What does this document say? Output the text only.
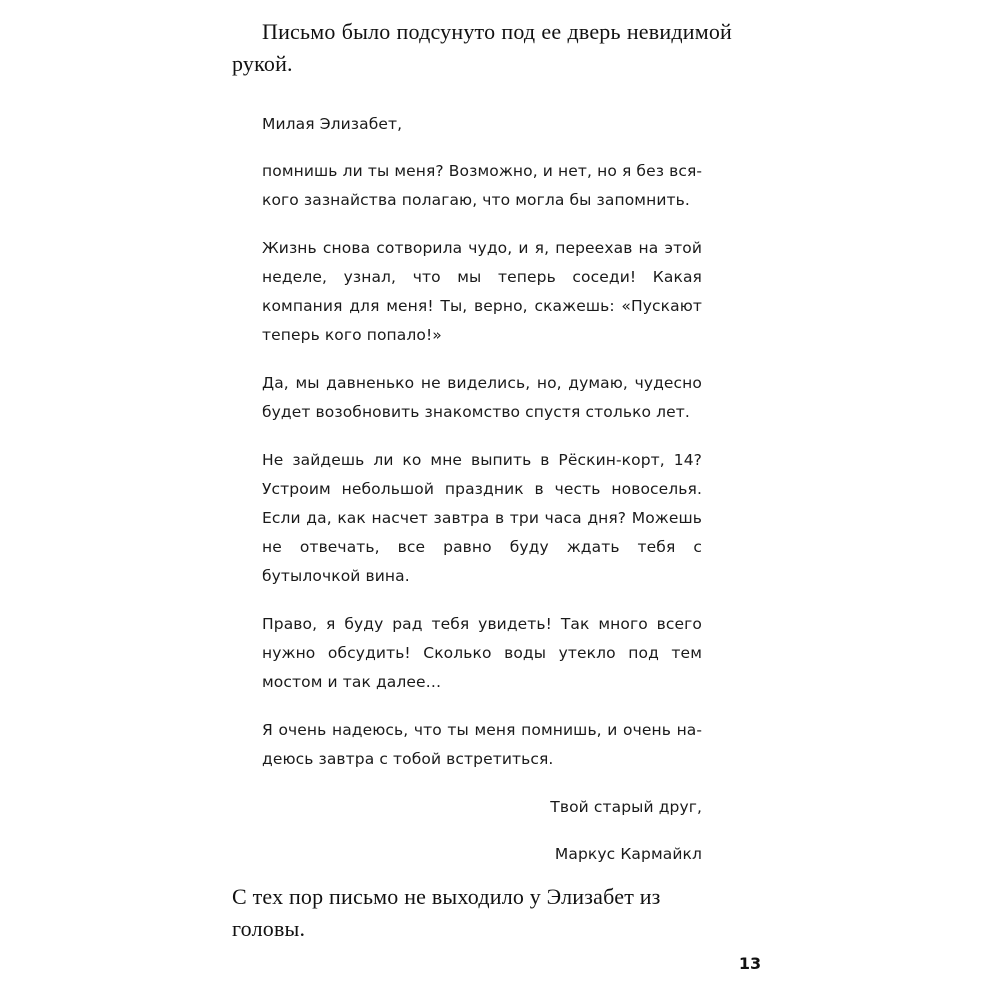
Письмо было подсунуто под ее дверь невидимой рукой.

Милая Элизабет,

помнишь ли ты меня? Возможно, и нет, но я без всякого зазнайства полагаю, что могла бы запомнить.

Жизнь снова сотворила чудо, и я, переехав на этой неделе, узнал, что мы теперь соседи! Какая компания для меня! Ты, верно, скажешь: «Пускают теперь кого попало!»

Да, мы давненько не виделись, но, думаю, чудесно будет возобновить знакомство спустя столько лет.

Не зайдешь ли ко мне выпить в Рёскин-корт, 14? Устроим небольшой праздник в честь новоселья. Если да, как насчет завтра в три часа дня? Можешь не отвечать, все равно буду ждать тебя с бутылочкой вина.

Право, я буду рад тебя увидеть! Так много всего нужно обсудить! Сколько воды утекло под тем мостом и так далее…

Я очень надеюсь, что ты меня помнишь, и очень надеюсь завтра с тобой встретиться.

Твой старый друг,

Маркус Кармайкл

С тех пор письмо не выходило у Элизабет из головы.

13
